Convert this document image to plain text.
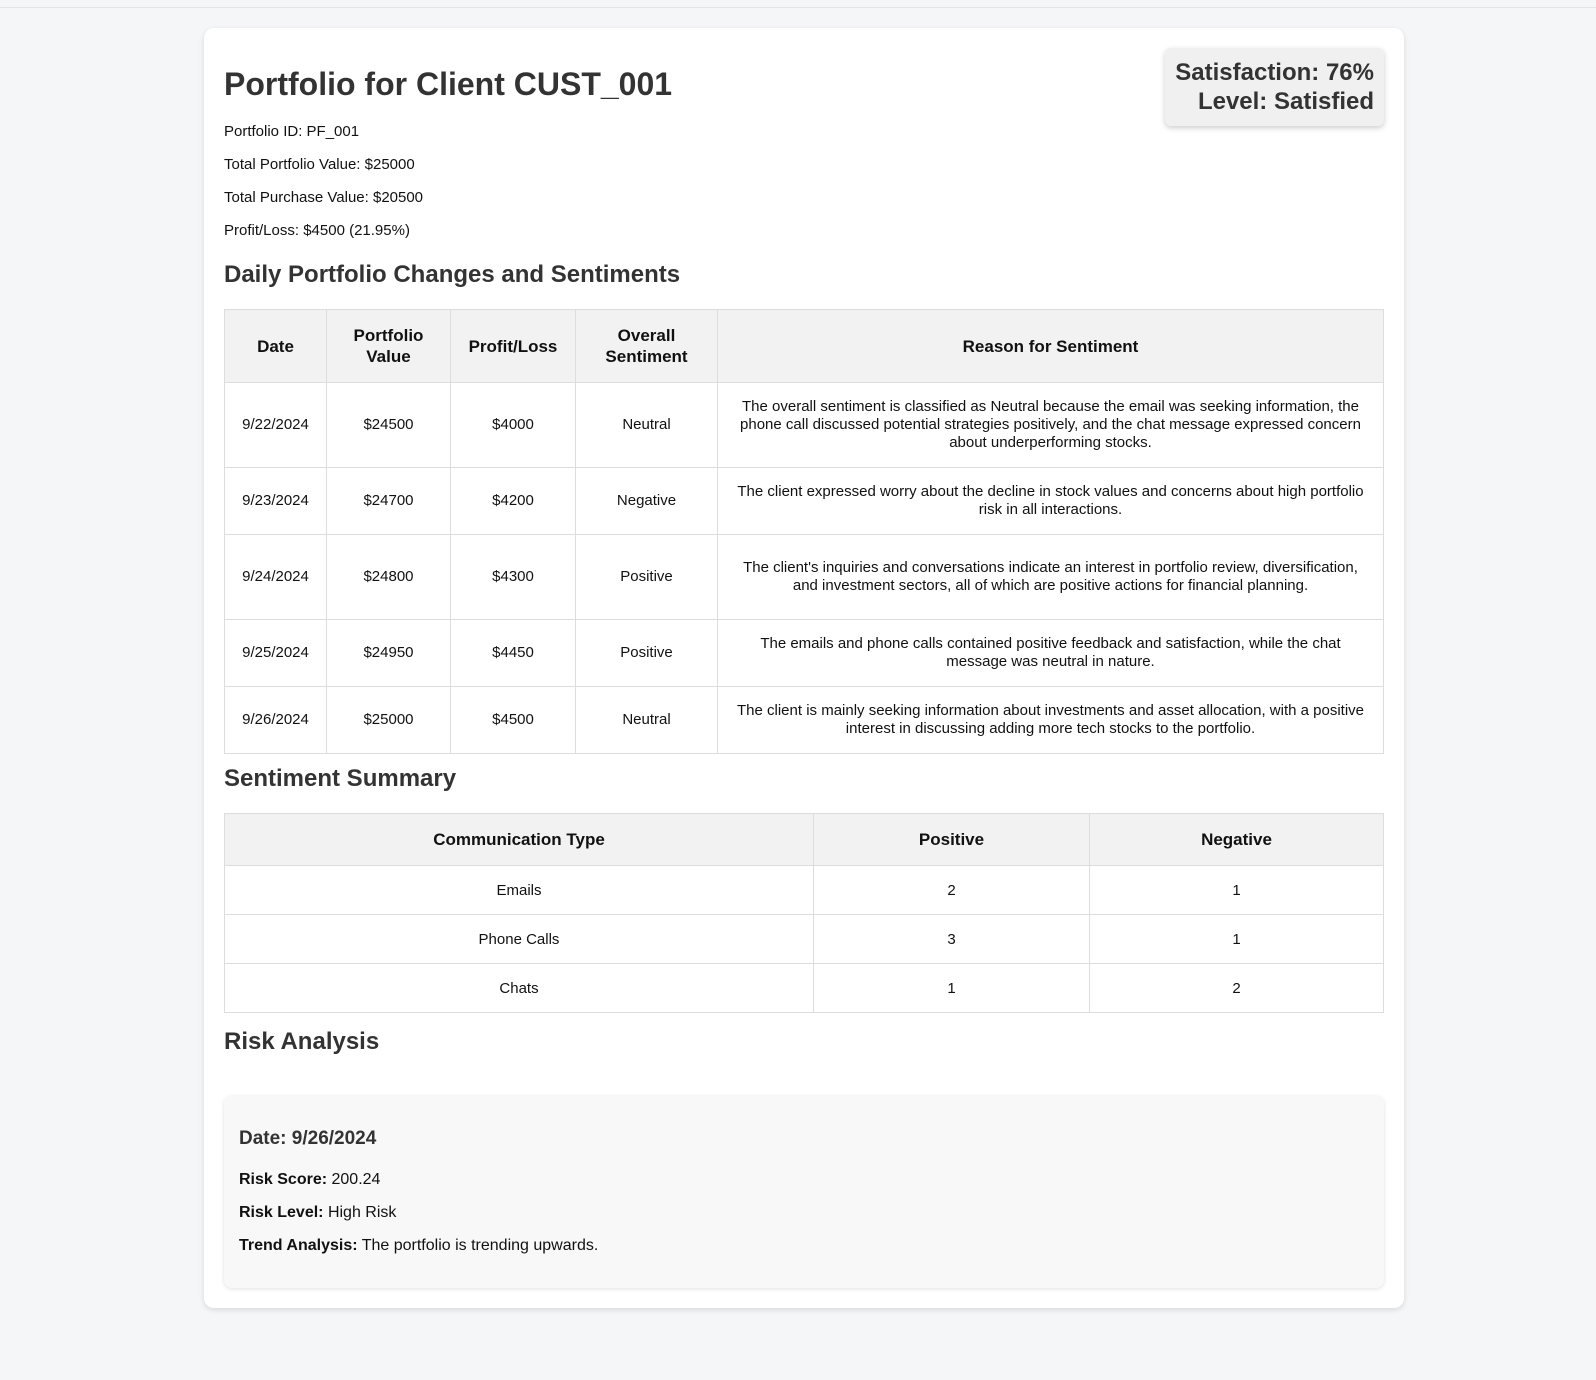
Portfolio for Client CUST_001	Satisfaction: 76%
Level: Satisfied

Portfolio ID: PF_001

Total Portfolio Value: $25000

Total Purchase Value: $20500

Profit/Loss: $4500 (21.95%)

Daily Portfolio Changes and Sentiments
Date	Portfolio Value	Profit/Loss	Overall Sentiment	Reason for Sentiment
9/22/2024	$24500	$4000	Neutral	The overall sentiment is classified as Neutral because the email was seeking information, the phone call discussed potential strategies positively, and the chat message expressed concern about underperforming stocks.
9/23/2024	$24700	$4200	Negative	The client expressed worry about the decline in stock values and concerns about high portfolio risk in all interactions.
9/24/2024	$24800	$4300	Positive	The client's inquiries and conversations indicate an interest in portfolio review, diversification, and investment sectors, all of which are positive actions for financial planning.
9/25/2024	$24950	$4450	Positive	The emails and phone calls contained positive feedback and satisfaction, while the chat message was neutral in nature.
9/26/2024	$25000	$4500	Neutral	The client is mainly seeking information about investments and asset allocation, with a positive interest in discussing adding more tech stocks to the portfolio.
Sentiment Summary
Communication Type	Positive	Negative
Emails	2	1
Phone Calls	3	1
Chats	1	2
Risk Analysis
Date: 9/26/2024

Risk Score: 200.24

Risk Level: High Risk

Trend Analysis: The portfolio is trending upwards.
